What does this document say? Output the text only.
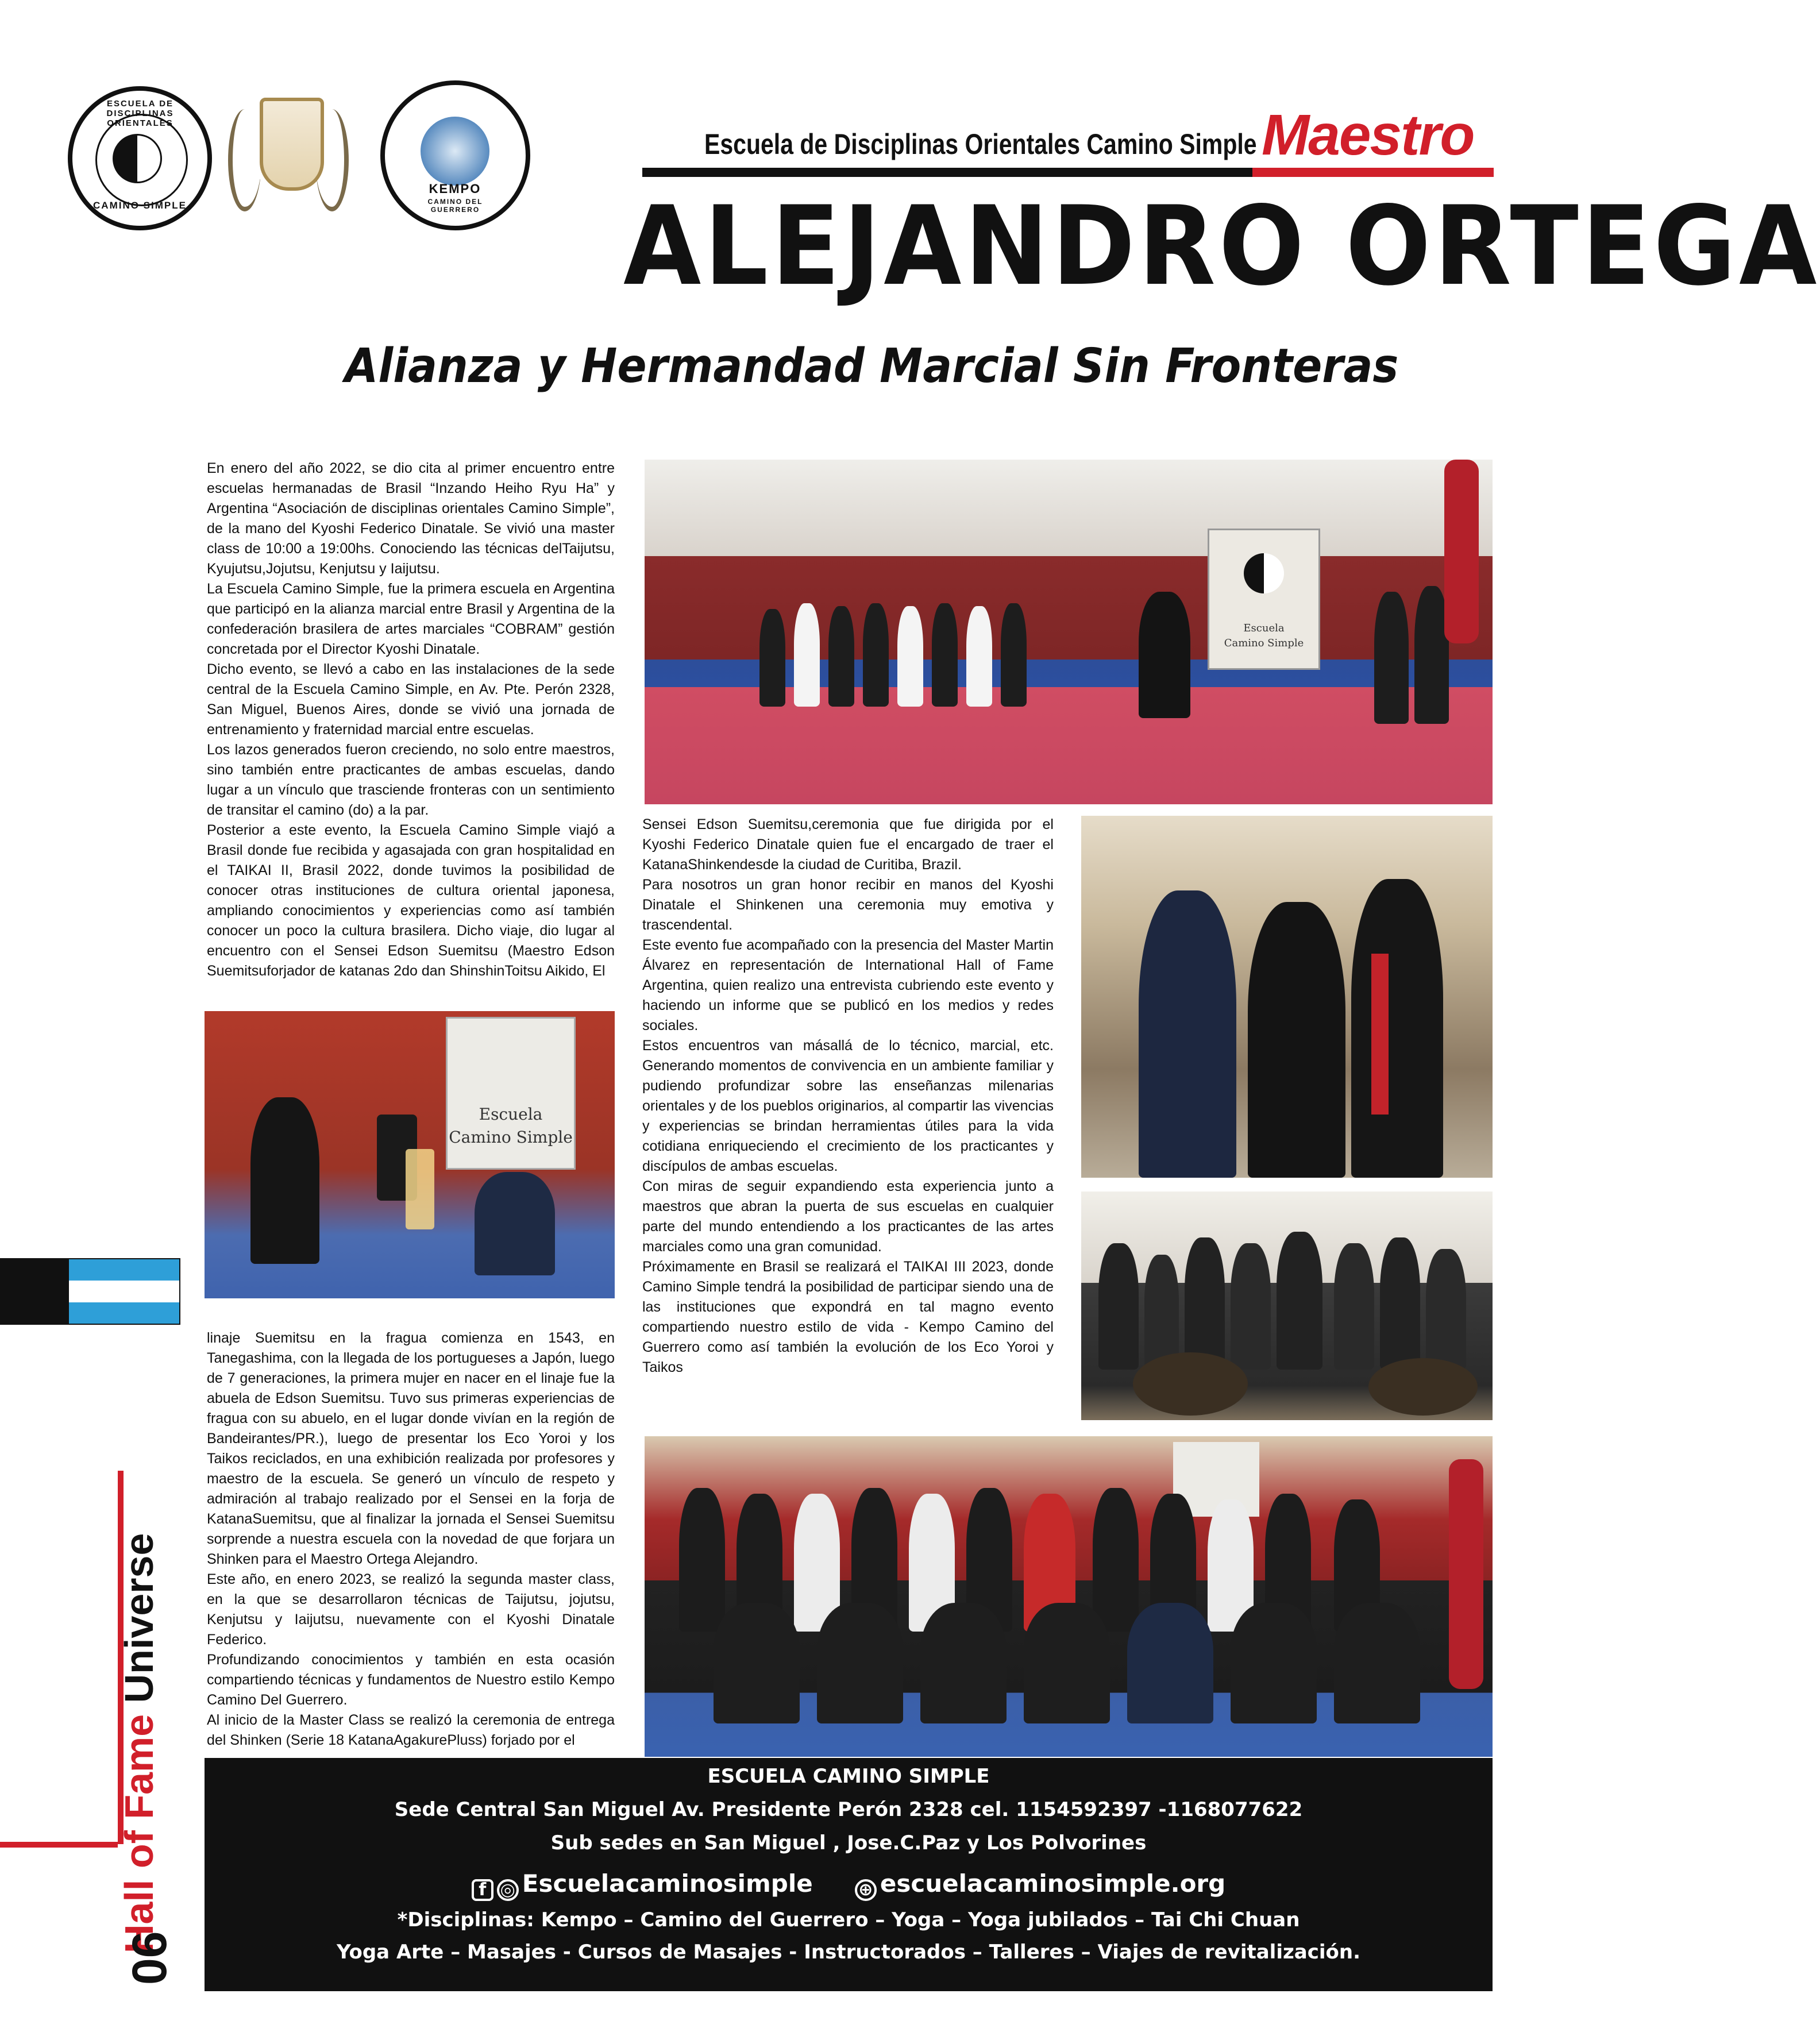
ESCUELA DE DISCIPLINAS ORIENTALES
CAMINO SIMPLE
KEMPO
CAMINO DEL GUERRERO
Escuela de Disciplinas Orientales Camino Simple Maestro
ALEJANDRO ORTEGA
Alianza y Hermandad Marcial Sin Fronteras

En enero del año 2022, se dio cita al primer encuentro entre escuelas hermanadas de Brasil “Inzando Heiho Ryu Ha” y Argentina “Asociación de disciplinas orientales Camino Simple”, de la mano del Kyoshi Federico Dinatale. Se vivió una master class de 10:00 a 19:00hs. Conociendo las técnicas delTaijutsu, Kyujutsu,Jojutsu, Kenjutsu y Iaijutsu.

La Escuela Camino Simple, fue la primera escuela en Argentina que participó en la alianza marcial entre Brasil y Argentina de la confederación brasilera de artes marciales “COBRAM” gestión concretada por el Director Kyoshi Dinatale.

Dicho evento, se llevó a cabo en las instalaciones de la sede central de la Escuela Camino Simple, en Av. Pte. Perón 2328, San Miguel, Buenos Aires, donde se vivió una jornada de entrenamiento y fraternidad marcial entre escuelas.

Los lazos generados fueron creciendo, no solo entre maestros, sino también entre practicantes de ambas escuelas, dando lugar a un vínculo que trasciende fronteras con un sentimiento de transitar el camino (do) a la par.

Posterior a este evento, la Escuela Camino Simple viajó a Brasil donde fue recibida y agasajada con gran hospitalidad en el TAIKAI II, Brasil 2022, donde tuvimos la posibilidad de conocer otras instituciones de cultura oriental japonesa, ampliando conocimientos y experiencias como así también conocer un poco la cultura brasilera. Dicho viaje, dio lugar al encuentro con el Sensei Edson Suemitsu (Maestro Edson Suemitsuforjador de katanas 2do dan ShinshinToitsu Aikido, El

linaje Suemitsu en la fragua comienza en 1543, en Tanegashima, con la llegada de los portugueses a Japón, luego de 7 generaciones, la primera mujer en nacer en el linaje fue la abuela de Edson Suemitsu. Tuvo sus primeras experiencias de fragua con su abuelo, en el lugar donde vivían en la región de Bandeirantes/PR.), luego de presentar los Eco Yoroi y los Taikos reciclados, en una exhibición realizada por profesores y maestro de la escuela. Se generó un vínculo de respeto y admiración al trabajo realizado por el Sensei en la forja de KatanaSuemitsu, que al finalizar la jornada el Sensei Suemitsu sorprende a nuestra escuela con la novedad de que forjara un Shinken para el Maestro Ortega Alejandro.

Este año, en enero 2023, se realizó la segunda master class, en la que se desarrollaron técnicas de Taijutsu, jojutsu, Kenjutsu y Iaijutsu, nuevamente con el Kyoshi Dinatale Federico.

Profundizando conocimientos y también en esta ocasión compartiendo técnicas y fundamentos de Nuestro estilo Kempo Camino Del Guerrero.

Al inicio de la Master Class se realizó la ceremonia de entrega del Shinken (Serie 18 KatanaAgakurePluss) forjado por el

Sensei Edson Suemitsu,ceremonia que fue dirigida por el Kyoshi Federico Dinatale quien fue el encargado de traer el KatanaShinkendesde la ciudad de Curitiba, Brazil.

Para nosotros un gran honor recibir en manos del Kyoshi Dinatale el Shinkenen una ceremonia muy emotiva y trascendental.

Este evento fue acompañado con la presencia del Master Martin Álvarez en representación de International Hall of Fame Argentina, quien realizo una entrevista cubriendo este evento y haciendo un informe que se publicó en los medios y redes sociales.

Estos encuentros van másallá de lo técnico, marcial, etc. Generando momentos de convivencia en un ambiente familiar y pudiendo profundizar sobre las enseñanzas milenarias orientales y de los pueblos originarios, al compartir las vivencias y experiencias se brindan herramientas útiles para la vida cotidiana enriqueciendo el crecimiento de los practicantes y discípulos de ambas escuelas.

Con miras de seguir expandiendo esta experiencia junto a maestros que abran la puerta de sus escuelas en cualquier parte del mundo entendiendo a los practicantes de las artes marciales como una gran comunidad.

Próximamente en Brasil se realizará el TAIKAI III 2023, donde Camino Simple tendrá la posibilidad de participar siendo una de las instituciones que expondrá en tal magno evento compartiendo nuestro estilo de vida - Kempo Camino del Guerrero como así también la evolución de los Eco Yoroi y Taikos

Escuela
Camino Simple
Escuela
Camino Simple
Hall of Fame Universe
06
ESCUELA CAMINO SIMPLE
Sede Central San Miguel Av. Presidente Perón 2328 cel. 1154592397 -1168077622
Sub sedes en San Miguel , Jose.C.Paz y Los Polvorines
f ◎ Escuelacaminosimple	⊕ escuelacaminosimple.org
*Disciplinas: Kempo – Camino del Guerrero – Yoga – Yoga jubilados – Tai Chi Chuan
Yoga Arte – Masajes - Cursos de Masajes - Instructorados – Talleres – Viajes de revitalización.
